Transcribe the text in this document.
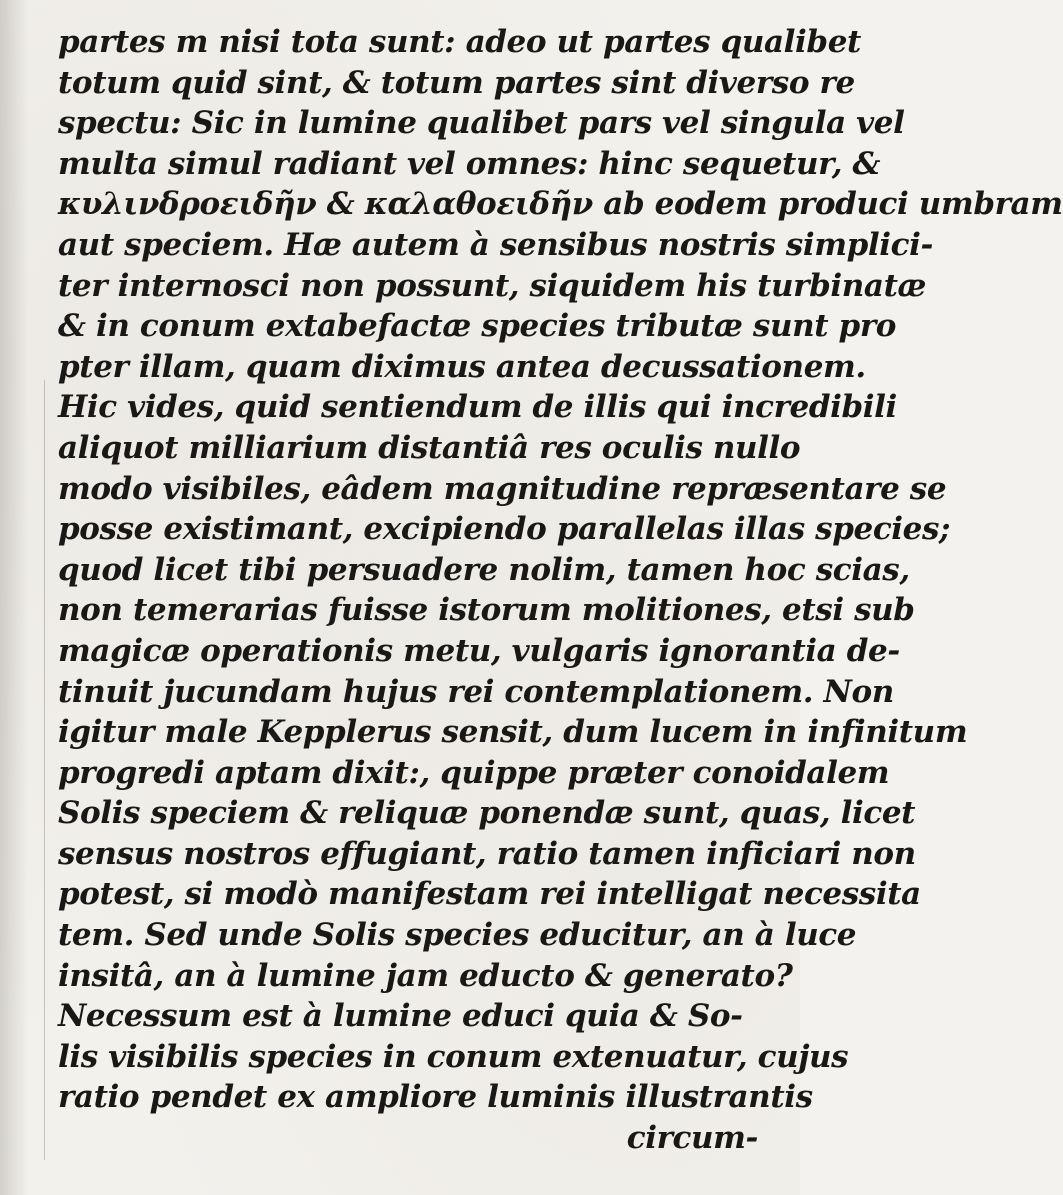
partes m nisi tota sunt: adeo ut partes qualibet
totum quid sint, & totum partes sint diverso re
spectu: Sic in lumine qualibet pars vel singula vel
multa simul radiant vel omnes: hinc sequetur, &
κυλινδροειδῆν & καλαθοειδῆν ab eodem produci umbram
aut speciem. Hæ autem à sensibus nostris simplici-
ter internosci non possunt, siquidem his turbinatæ
& in conum extabefactæ species tributæ sunt pro
pter illam, quam diximus antea decussationem.
Hic vides, quid sentiendum de illis qui incredibili
aliquot milliarium distantiâ res oculis nullo
modo visibiles, eâdem magnitudine repræsentare se
posse existimant, excipiendo parallelas illas species;
quod licet tibi persuadere nolim, tamen hoc scias,
non temerarias fuisse istorum molitiones, etsi sub
magicæ operationis metu, vulgaris ignorantia de-
tinuit jucundam hujus rei contemplationem. Non
igitur male Kepplerus sensit, dum lucem in infinitum
progredi aptam dixit:, quippe præter conoidalem
Solis speciem & reliquæ ponendæ sunt, quas, licet
sensus nostros effugiant, ratio tamen inficiari non
potest, si modò manifestam rei intelligat necessita
tem. Sed unde Solis species educitur, an à luce
insitâ, an à lumine jam educto & generato?
Necessum est à lumine educi quia & So-
lis visibilis species in conum extenuatur, cujus
ratio pendet ex ampliore luminis illustrantis
circum-
